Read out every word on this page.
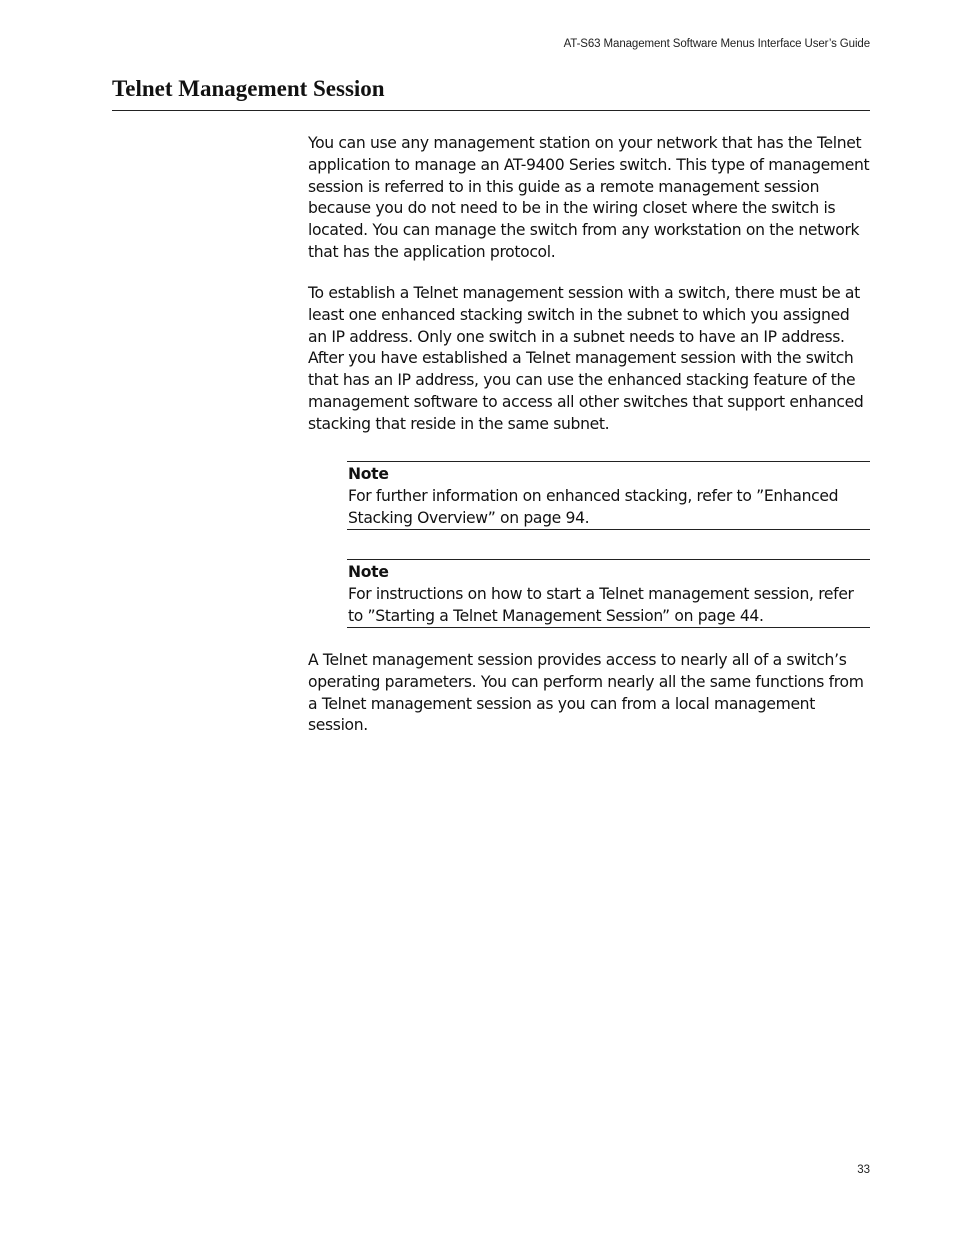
AT-S63 Management Software Menus Interface User’s Guide
Telnet Management Session

You can use any management station on your network that has the Telnet application to manage an AT-9400 Series switch. This type of management session is referred to in this guide as a remote management session because you do not need to be in the wiring closet where the switch is located. You can manage the switch from any workstation on the network that has the application protocol.

To establish a Telnet management session with a switch, there must be at least one enhanced stacking switch in the subnet to which you assigned an IP address. Only one switch in a subnet needs to have an IP address. After you have established a Telnet management session with the switch that has an IP address, you can use the enhanced stacking feature of the management software to access all other switches that support enhanced stacking that reside in the same subnet.

Note
For further information on enhanced stacking, refer to ”Enhanced Stacking Overview” on page 94.
Note
For instructions on how to start a Telnet management session, refer to ”Starting a Telnet Management Session” on page 44.

A Telnet management session provides access to nearly all of a switch’s operating parameters. You can perform nearly all the same functions from a Telnet management session as you can from a local management session.

33
